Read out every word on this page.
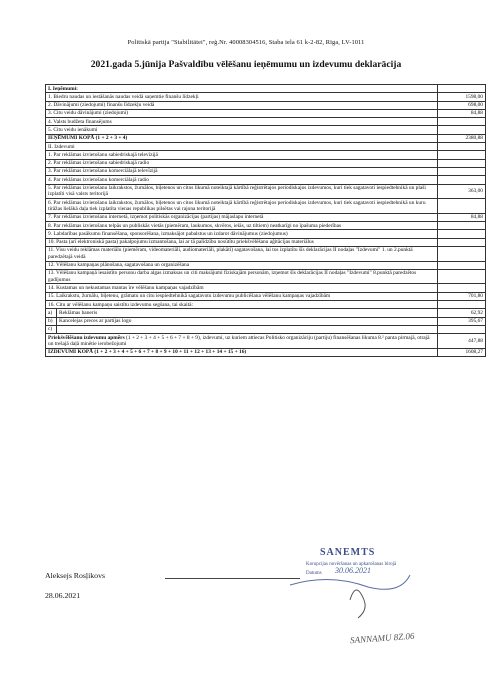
Politiskā partija "Stabilitātei", reģ.Nr. 40008304516, Staba iela 61 k-2-82, Rīga, LV-1011
2021.gada 5.jūnija Pašvaldību vēlēšanu ieņēmumu un izdevumu deklarācija
I. Ieņēmumi:		
1. Biedru naudas un iestāšanās naudas veidā saņemtie finanšu līdzekļi		1598,00
2. Dāvinājumi (ziedojumi) finanšu līdzekļu veidā		698,00
3. Citu veidu dāvinājumi (ziedojumi)		84,88
4. Valsts budžeta finansējums		
5. Citu veidu ienākumi		
IEŅĒMUMI KOPĀ (1 + 2 + 3 + 4)		2380,88
II. Izdevumi		
1. Par reklāmas izvietošanu sabiedriskajā televīzijā		
2. Par reklāmas izvietošanu sabiedriskajā radio		
3. Par reklāmas izvietošanu komerciālajā televīzijā		
4. Par reklāmas izvietošanu komerciālajā radio		
5. Par reklāmas izvietošanu laikrakstos, žurnālos, biļetenos un citos likumā noteiktajā kārtībā reģistrētajos periodiskajos izdevumos, kuri tiek sagatavoti iespiedtehnikā un plaši izplatīti visā valsts teritorijā		363,00
6. Par reklāmas izvietošanu laikrakstos, žurnālos, biļetenos un citos likumā noteiktajā kārtībā reģistrētajos periodiskajos izdevumos, kuri tiek sagatavoti iespiedtehnikā un kuru tirāžas lielākā daļa tiek izplatīta vienas republikas pilsētas vai rajona teritorijā		
7. Par reklāmas izvietošanu internetā, izņemot politiskās organizācijas (partijas) mājaslapu internetā		84,88
8. Par reklāmas izvietošanu telpās un publiskās vietās (piemēram, laukumos, skvēros, ielās, uz tiltiem) neatkarīgi no īpašuma piederības		
9. Labdarības pasākumu finansēšana, sponsorēšana, izmaksājot pabalstus un izdarot dāvinājumus (ziedojumus)		
10. Pasta (arī elektroniskā pasta) pakalpojumu izmantošana, lai ar tā palīdzību nosūtītu priekšvēlēšanu aģitācijas materiālus		
11. Visu veidu reklāmas materiālu (piemēram, videomateriāli, audiomateriāli, plakāti) sagatavošana, lai tos izplatītu šīs deklarācijas II nodaļas "Izdevumi" 1. un 2.punktā paredzētajā veidā		
12. Vēlēšanu kampaņas plānošana, sagatavošana un organizēšana		
13. Vēlēšanu kampaņā iesaistīto personu darba algas izmaksas un citi maksājumi fiziskajām personām, izņemot šīs deklarācijas II nodaļas "Izdevumi" 8.punktā paredzētos gadījumus		
14. Kustamas un nekustamas mantas īre vēlēšanu kampaņas vajadzībām		
15. Laikrakstu, žurnālu, biļetenu, grāmatu un citu iespiedtehnikā sagatavotu izdevumu publicēšana vēlēšanu kampaņas vajadzībām		701,80
16. Citu ar vēlēšanu kampaņu saistītu izdevumu segšana, tai skaitā:		
a)	Reklāmas baneris	62,92
b)	Kancelejas preces ar partijas logo	395,67
c)		
Priekšvēlēšanu izdevumu apmērs (1 + 2 + 3 + 4 + 5 + 6 + 7 + 8 + 9), izdevumi, uz kuriem attiecas Politisko organizāciju (partiju) finansēšanas likuma 8.² panta pirmajā, otrajā un trešajā daļā minētie ierobežojumi		447,88
IZDEVUMI KOPĀ (1 + 2 + 3 + 4 + 5 + 6 + 7 + 8 + 9 + 10 + 11 + 12 + 13 + 14 + 15 + 16)		1608,27
Aleksejs Rosļikovs
28.06.2021
SANEMTS
Korupcijas novēršanas un apkarošanas birojā
Datums 30.06.2021
SANNAMU 8Z.06
